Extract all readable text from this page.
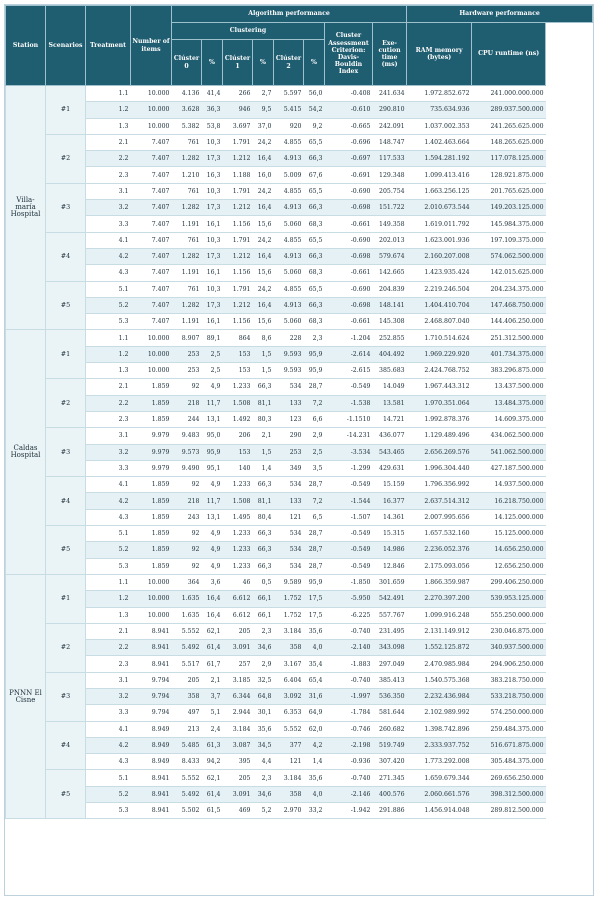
Station	Scenarios	Treatment	Number of items	Algorithm performance								Hardware performance	
				Clustering						Cluster Assessment Criterion: Davis-Bouldin Index	Exe-cution time (ms)	RAM memory (bytes)	CPU runtime (ns)
				Clúster 0	%	Clúster 1	%	Clúster 2	%				
Villa-maría Hospital	#1	1.1	10.000	4.136	41,4	266	2,7	5.597	56,0	-0.408	241.634	1.972.852.672	241.000.000.000
		1.2	10.000	3.628	36,3	946	9,5	5.415	54,2	-0.610	290.810	735.634.936	289.937.500.000
		1.3	10.000	5.382	53,8	3.697	37,0	920	9,2	-0.665	242.091	1.037.002.353	241.265.625.000
	#2	2.1	7.407	761	10,3	1.791	24,2	4.855	65,5	-0.696	148.747	1.402.463.664	148.265.625.000
		2.2	7.407	1.282	17,3	1.212	16,4	4.913	66,3	-0.697	117.533	1.594.281.192	117.078.125.000
		2.3	7.407	1.210	16,3	1.188	16,0	5.009	67,6	-0.691	129.348	1.099.413.416	128.921.875.000
	#3	3.1	7.407	761	10,3	1.791	24,2	4.855	65,5	-0.690	205.754	1.663.256.125	201.765.625.000
		3.2	7.407	1.282	17,3	1.212	16,4	4.913	66,3	-0.698	151.722	2.010.673.544	149.203.125.000
		3.3	7.407	1.191	16,1	1.156	15,6	5.060	68,3	-0.661	149.358	1.619.011.792	145.984.375.000
	#4	4.1	7.407	761	10,3	1.791	24,2	4.855	65,5	-0.690	202.013	1.623.001.936	197.109.375.000
		4.2	7.407	1.282	17,3	1.212	16,4	4.913	66,3	-0.698	579.674	2.160.207.008	574.062.500.000
		4.3	7.407	1.191	16,1	1.156	15,6	5.060	68,3	-0.661	142.665	1.423.935.424	142.015.625.000
	#5	5.1	7.407	761	10,3	1.791	24,2	4.855	65,5	-0.690	204.839	2.219.246.504	204.234.375.000
		5.2	7.407	1.282	17,3	1.212	16,4	4.913	66,3	-0.698	148.141	1.404.410.704	147.468.750.000
		5.3	7.407	1.191	16,1	1.156	15,6	5.060	68,3	-0.661	145.308	2.468.807.040	144.406.250.000
Caldas Hospital	#1	1.1	10.000	8.907	89,1	864	8,6	228	2,3	-1.204	252.855	1.710.514.624	251.312.500.000
		1.2	10.000	253	2,5	153	1,5	9.593	95,9	-2.614	404.492	1.969.229.920	401.734.375.000
		1.3	10.000	253	2,5	153	1,5	9.593	95,9	-2.615	385.683	2.424.768.752	383.296.875.000
	#2	2.1	1.859	92	4,9	1.233	66,3	534	28,7	-0.549	14.049	1.967.443.312	13.437.500.000
		2.2	1.859	218	11,7	1.508	81,1	133	7,2	-1.538	13.581	1.970.351.064	13.484.375.000
		2.3	1.859	244	13,1	1.492	80,3	123	6,6	-1.1510	14.721	1.992.878.376	14.609.375.000
	#3	3.1	9.979	9.483	95,0	206	2,1	290	2,9	-14.231	436.077	1.129.489.496	434.062.500.000
		3.2	9.979	9.573	95,9	153	1,5	253	2,5	-3.534	543.465	2.656.269.576	541.062.500.000
		3.3	9.979	9.490	95,1	140	1,4	349	3,5	-1.299	429.631	1.996.304.440	427.187.500.000
	#4	4.1	1.859	92	4,9	1.233	66,3	534	28,7	-0.549	15.159	1.796.356.992	14.937.500.000
		4.2	1.859	218	11,7	1.508	81,1	133	7,2	-1.544	16.377	2.637.514.312	16.218.750.000
		4.3	1.859	243	13,1	1.495	80,4	121	6,5	-1.507	14.361	2.007.995.656	14.125.000.000
	#5	5.1	1.859	92	4,9	1.233	66,3	534	28,7	-0.549	15.315	1.657.532.160	15.125.000.000
		5.2	1.859	92	4,9	1.233	66,3	534	28,7	-0.549	14.986	2.236.052.376	14.656.250.000
		5.3	1.859	92	4,9	1.233	66,3	534	28,7	-0.549	12.846	2.175.093.056	12.656.250.000
PNNN El Cisne	#1	1.1	10.000	364	3,6	46	0,5	9.589	95,9	-1.850	301.659	1.866.359.987	299.406.250.000
		1.2	10.000	1.635	16,4	6.612	66,1	1.752	17,5	-5.950	542.491	2.270.397.200	539.953.125.000
		1.3	10.000	1.635	16,4	6.612	66,1	1.752	17,5	-6.225	557.767	1.099.916.248	555.250.000.000
	#2	2.1	8.941	5.552	62,1	205	2,3	3.184	35,6	-0.740	231.495	2.131.149.912	230.046.875.000
		2.2	8.941	5.492	61,4	3.091	34,6	358	4,0	-2.140	343.098	1.552.125.872	340.937.500.000
		2.3	8.941	5.517	61,7	257	2,9	3.167	35,4	-1.883	297.049	2.470.985.984	294.906.250.000
	#3	3.1	9.794	205	2,1	3.185	32,5	6.404	65,4	-0.740	385.413	1.540.575.368	383.218.750.000
		3.2	9.794	358	3,7	6.344	64,8	3.092	31,6	-1.997	536.350	2.232.436.984	533.218.750.000
		3.3	9.794	497	5,1	2.944	30,1	6.353	64,9	-1.784	581.644	2.102.989.992	574.250.000.000
	#4	4.1	8.949	213	2,4	3.184	35,6	5.552	62,0	-0.746	260.682	1.398.742.896	259.484.375.000
		4.2	8.949	5.485	61,3	3.087	34,5	377	4,2	-2.198	519.749	2.333.937.752	516.671.875.000
		4.3	8.949	8.433	94,2	395	4,4	121	1,4	-0.936	307.420	1.773.292.008	305.484.375.000
	#5	5.1	8.941	5.552	62,1	205	2,3	3.184	35,6	-0.740	271.345	1.659.679.344	269.656.250.000
		5.2	8.941	5.492	61,4	3.091	34,6	358	4,0	-2.146	400.576	2.060.661.576	398.312.500.000
		5.3	8.941	5.502	61,5	469	5,2	2.970	33,2	-1.942	291.886	1.456.914.048	289.812.500.000
